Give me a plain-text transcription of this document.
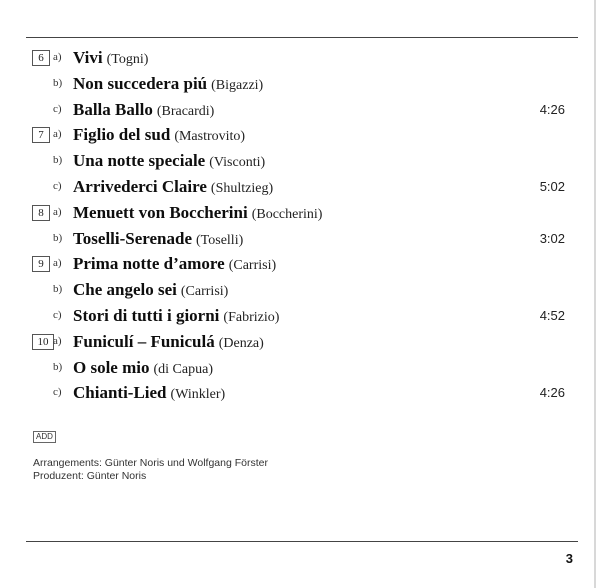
6 a) Vivi (Togni)
b) Non succedera piú (Bigazzi)
c) Balla Ballo (Bracardi)	4:26
7 a) Figlio del sud (Mastrovito)
b) Una notte speciale (Visconti)
c) Arrivederci Claire (Shultzieg)	5:02
8 a) Menuett von Boccherini (Boccherini)
b) Toselli-Serenade (Toselli)	3:02
9 a) Prima notte d’amore (Carrisi)
b) Che angelo sei (Carrisi)
c) Stori di tutti i giorni (Fabrizio)	4:52
10 a) Funiculí – Funiculá (Denza)
b) O sole mio (di Capua)
c) Chianti-Lied (Winkler)	4:26
ADD
Arrangements: Günter Noris und Wolfgang Förster
Produzent: Günter Noris
3
